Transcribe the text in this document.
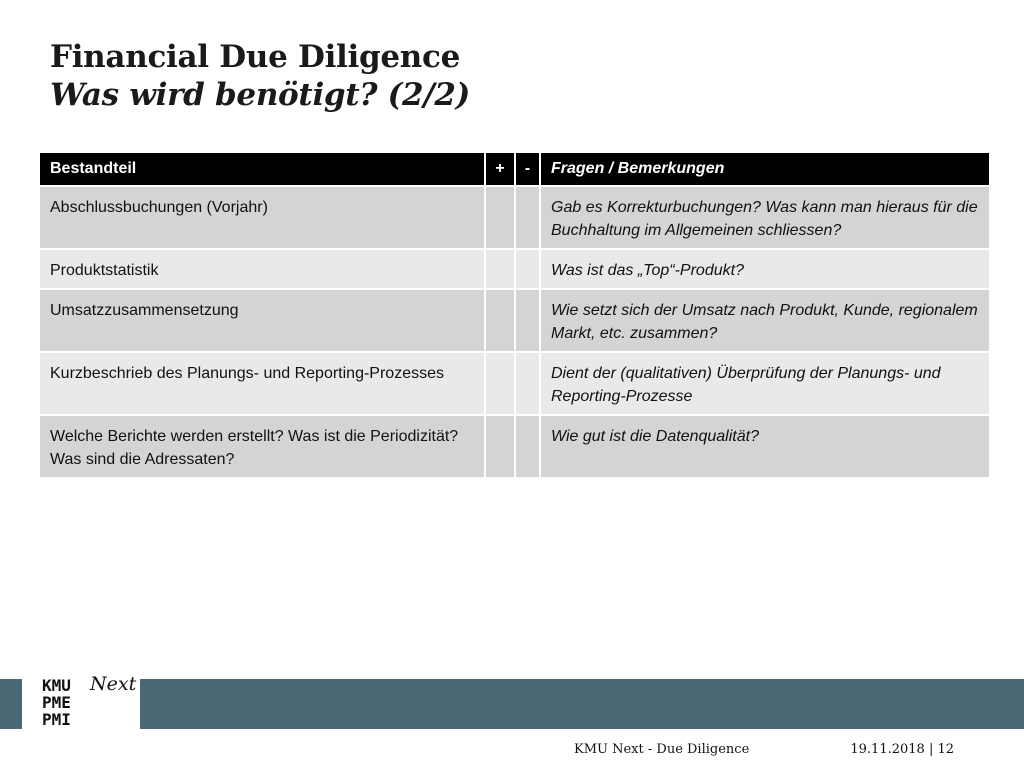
Financial Due Diligence
Was wird benötigt? (2/2)
Bestandteil	+	-	Fragen / Bemerkungen
Abschlussbuchungen (Vorjahr)			Gab es Korrekturbuchungen? Was kann man hieraus für die Buchhaltung im Allgemeinen schliessen?
Produktstatistik			Was ist das „Top“-Produkt?
Umsatzzusammensetzung			Wie setzt sich der Umsatz nach Produkt, Kunde, regionalem Markt, etc. zusammen?
Kurzbeschrieb des Planungs- und Reporting-Prozesses			Dient der (qualitativen) Überprüfung der Planungs- und Reporting-Prozesse
Welche Berichte werden erstellt? Was ist die Periodizität? Was sind die Adressaten?			Wie gut ist die Datenqualität?
KMU
PME
PMI
Next
KMU Next - Due Diligence	19.11.2018 | 12
